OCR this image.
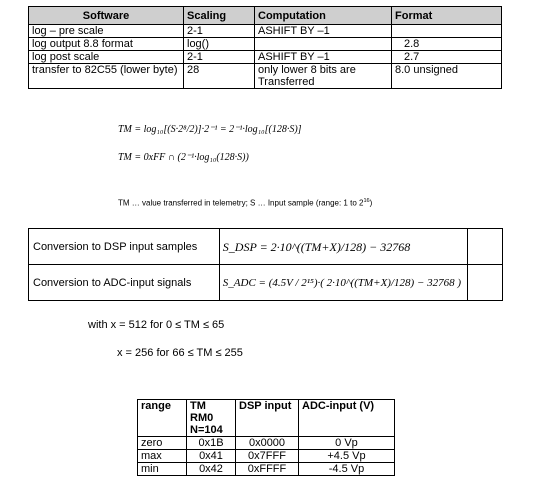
Software	Scaling	Computation	Format
log – pre scale	2-1	ASHIFT BY –1	
log output 8.8 format	log()		2.8
log post scale	2-1	ASHIFT BY –1	2.7
transfer to 82C55 (lower byte)	28	only lower 8 bits are Transferred	8.0 unsigned
TM = log₁₀[(S·2⁸/2)]·2⁻¹ = 2⁻¹·log₁₀[(128·S)]
TM = 0xFF ∩ (2⁻¹·log₁₀(128·S))
TM … value transferred in telemetry; S … Input sample (range: 1 to $2^{16}$)
Conversion to DSP input samples	S_DSP = 2·10^((TM+X)/128) − 32768	
Conversion to ADC-input signals	S_ADC = (4.5V / 2¹⁵)·( 2·10^((TM+X)/128) − 32768 )	
with x = 512 for 0 ≤ TM ≤ 65
x = 256 for 66 ≤ TM ≤ 255
range	TM RM0 N=104	DSP input	ADC-input (V)
zero	0x1B	0x0000	0 Vp
max	0x41	0x7FFF	+4.5 Vp
min	0x42	0xFFFF	-4.5 Vp
